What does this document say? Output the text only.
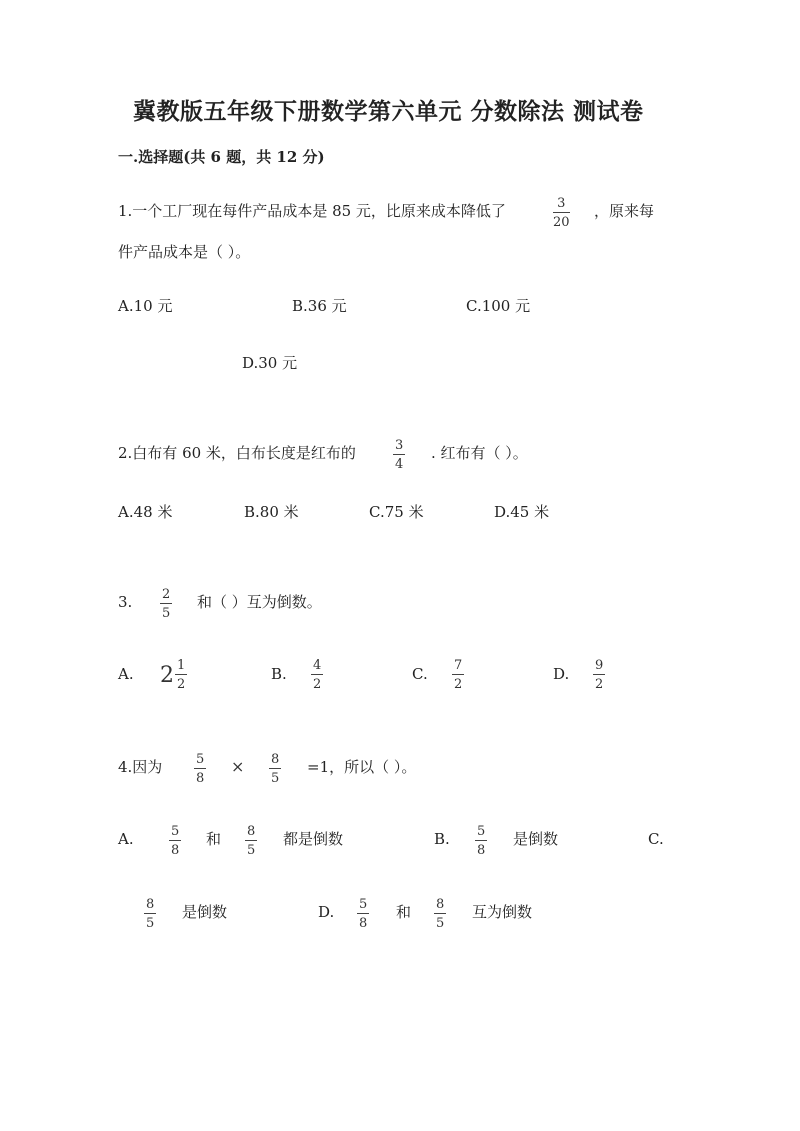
冀教版五年级下册数学第六单元 分数除法 测试卷
一.选择题(共 6 题，共 12 分)
1.一个工厂现在每件产品成本是 85 元，比原来成本降低了	3
20
，原来每
件产品成本是（ ）。
A.10 元	B.36 元	C.100 元
D.30 元
2.白布有 60 米，白布长度是红布的	3
4
. 红布有（ ）。
A.48 米	B.80 米	C.75 米	D.45 米
3. 2
5
和（ ）互为倒数。
A. $2 \frac{1}{2}$	B. 4
2
C. 7
2
D. 9
2
4.因为	5
8
× 8
5
=1，所以（ ）。
A.	5
8
和 8
5
都是倒数	B. 5
8
是倒数	C.
8
5
是倒数	D. 5
8
和 8
5
互为倒数
